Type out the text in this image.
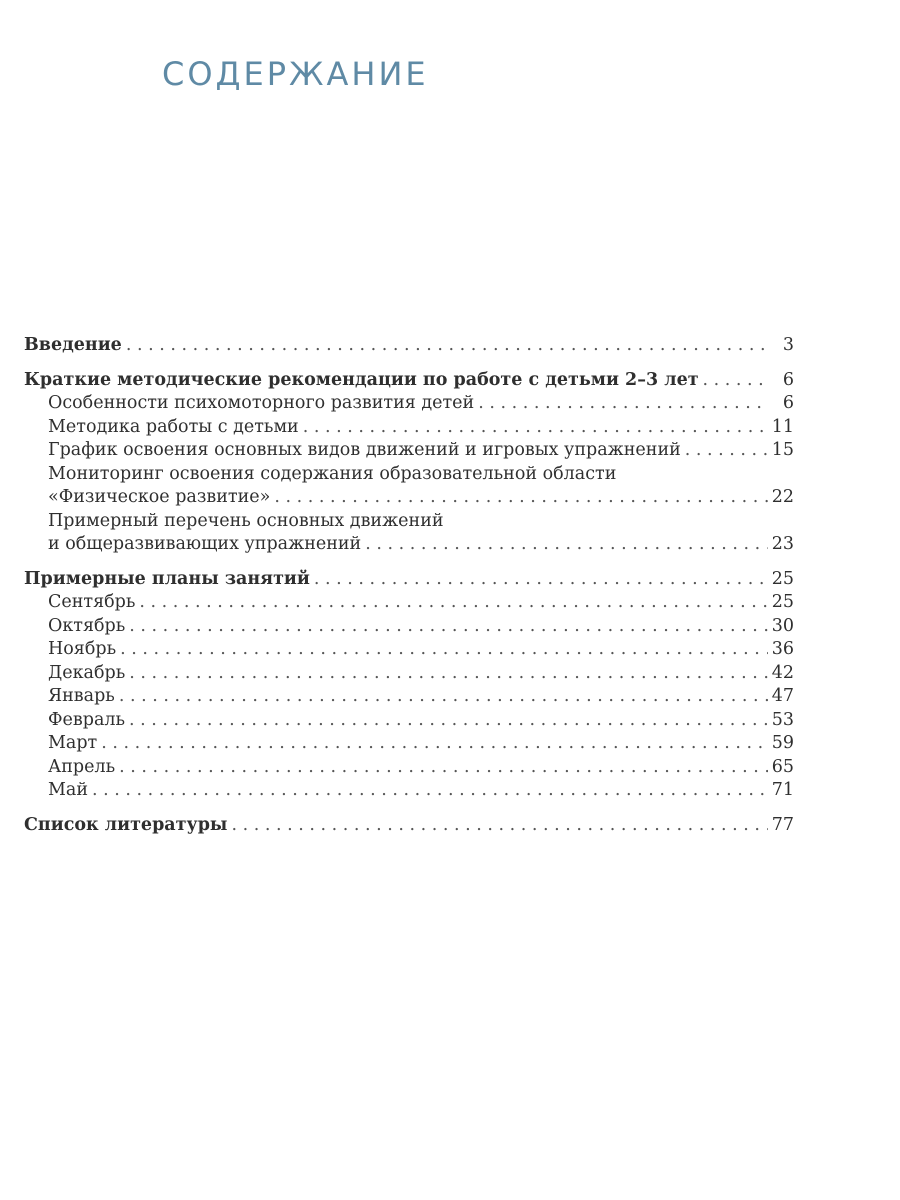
СОДЕРЖАНИЕ
Введение . . .	3
Краткие методические рекомендации по работе с детьми 2–3 лет . . .	6
Особенности психомоторного развития детей . . .	6
Методика работы с детьми . . .	11
График освоения основных видов движений и игровых упражнений . . .	15
Мониторинг освоения содержания образовательной области
«Физическое развитие» . . .	22
Примерный перечень основных движений
и общеразвивающих упражнений . . .	23
Примерные планы занятий . . .	25
Сентябрь . . .	25
Октябрь . . .	30
Ноябрь . . .	36
Декабрь . . .	42
Январь . . .	47
Февраль . . .	53
Март . . .	59
Апрель . . .	65
Май . . .	71
Список литературы . . .	77
